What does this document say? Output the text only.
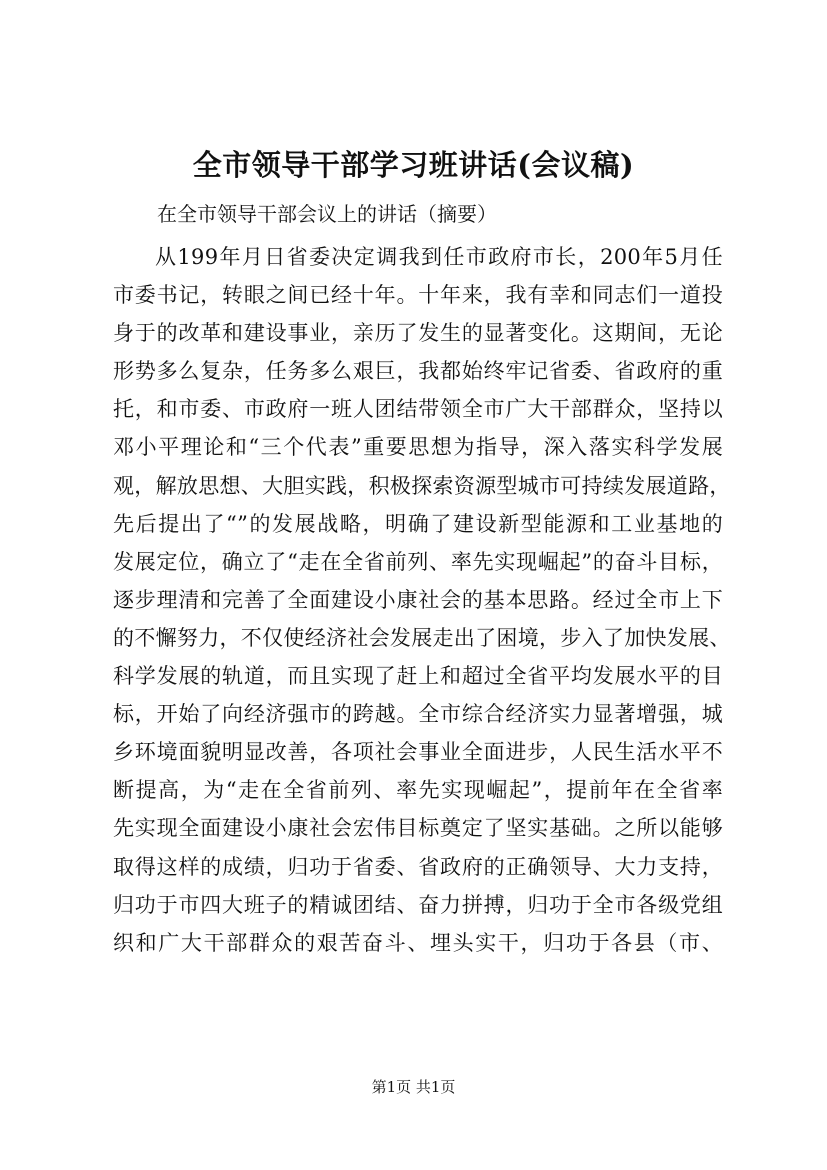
全市领导干部学习班讲话(会议稿)
在全市领导干部会议上的讲话（摘要）
从199年月日省委决定调我到任市政府市长，200年5月任
市委书记，转眼之间已经十年。十年来，我有幸和同志们一道投
身于的改革和建设事业，亲历了发生的显著变化。这期间，无论
形势多么复杂，任务多么艰巨，我都始终牢记省委、省政府的重
托，和市委、市政府一班人团结带领全市广大干部群众，坚持以
邓小平理论和“三个代表”重要思想为指导，深入落实科学发展
观，解放思想、大胆实践，积极探索资源型城市可持续发展道路，
先后提出了“”的发展战略，明确了建设新型能源和工业基地的
发展定位，确立了“走在全省前列、率先实现崛起”的奋斗目标，
逐步理清和完善了全面建设小康社会的基本思路。经过全市上下
的不懈努力，不仅使经济社会发展走出了困境，步入了加快发展、
科学发展的轨道，而且实现了赶上和超过全省平均发展水平的目
标，开始了向经济强市的跨越。全市综合经济实力显著增强，城
乡环境面貌明显改善，各项社会事业全面进步，人民生活水平不
断提高，为“走在全省前列、率先实现崛起”，提前年在全省率
先实现全面建设小康社会宏伟目标奠定了坚实基础。之所以能够
取得这样的成绩，归功于省委、省政府的正确领导、大力支持，
归功于市四大班子的精诚团结、奋力拼搏，归功于全市各级党组
织和广大干部群众的艰苦奋斗、埋头实干，归功于各县（市、
第1页 共1页
